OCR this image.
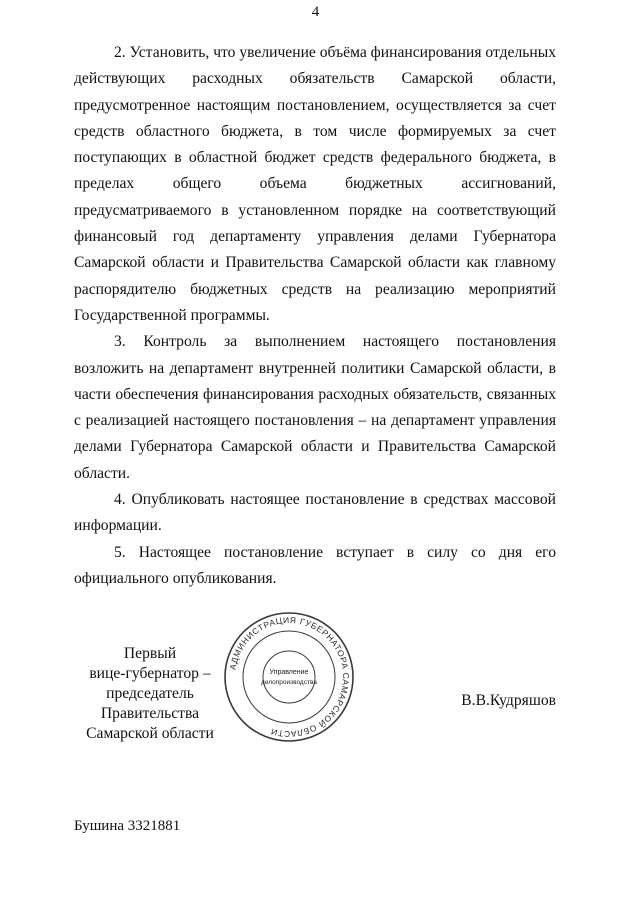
4

2. Установить, что увеличение объёма финансирования отдельных действующих расходных обязательств Самарской области, предусмотренное настоящим постановлением, осуществляется за счет средств областного бюджета, в том числе формируемых за счет поступающих в областной бюджет средств федерального бюджета, в пределах общего объема бюджетных ассигнований, предусматриваемого в установленном порядке на соответствующий финансовый год департаменту управления делами Губернатора Самарской области и Правительства Самарской области как главному распорядителю бюджетных средств на реализацию мероприятий Государственной программы.

3. Контроль за выполнением настоящего постановления возложить на департамент внутренней политики Самарской области, в части обеспечения финансирования расходных обязательств, связанных с реализацией настоящего постановления – на департамент управления делами Губернатора Самарской области и Правительства Самарской области.

4. Опубликовать настоящее постановление в средствах массовой информации.

5. Настоящее постановление вступает в силу со дня его официального опубликования.

Первый
вице-губернатор –
председатель Правительства
Самарской области
АДМИНИСТРАЦИЯ ГУБЕРНАТОРА САМАРСКОЙ ОБЛАСТИ
Управление
делопроизводства
В.В.Кудряшов
Бушина 3321881
